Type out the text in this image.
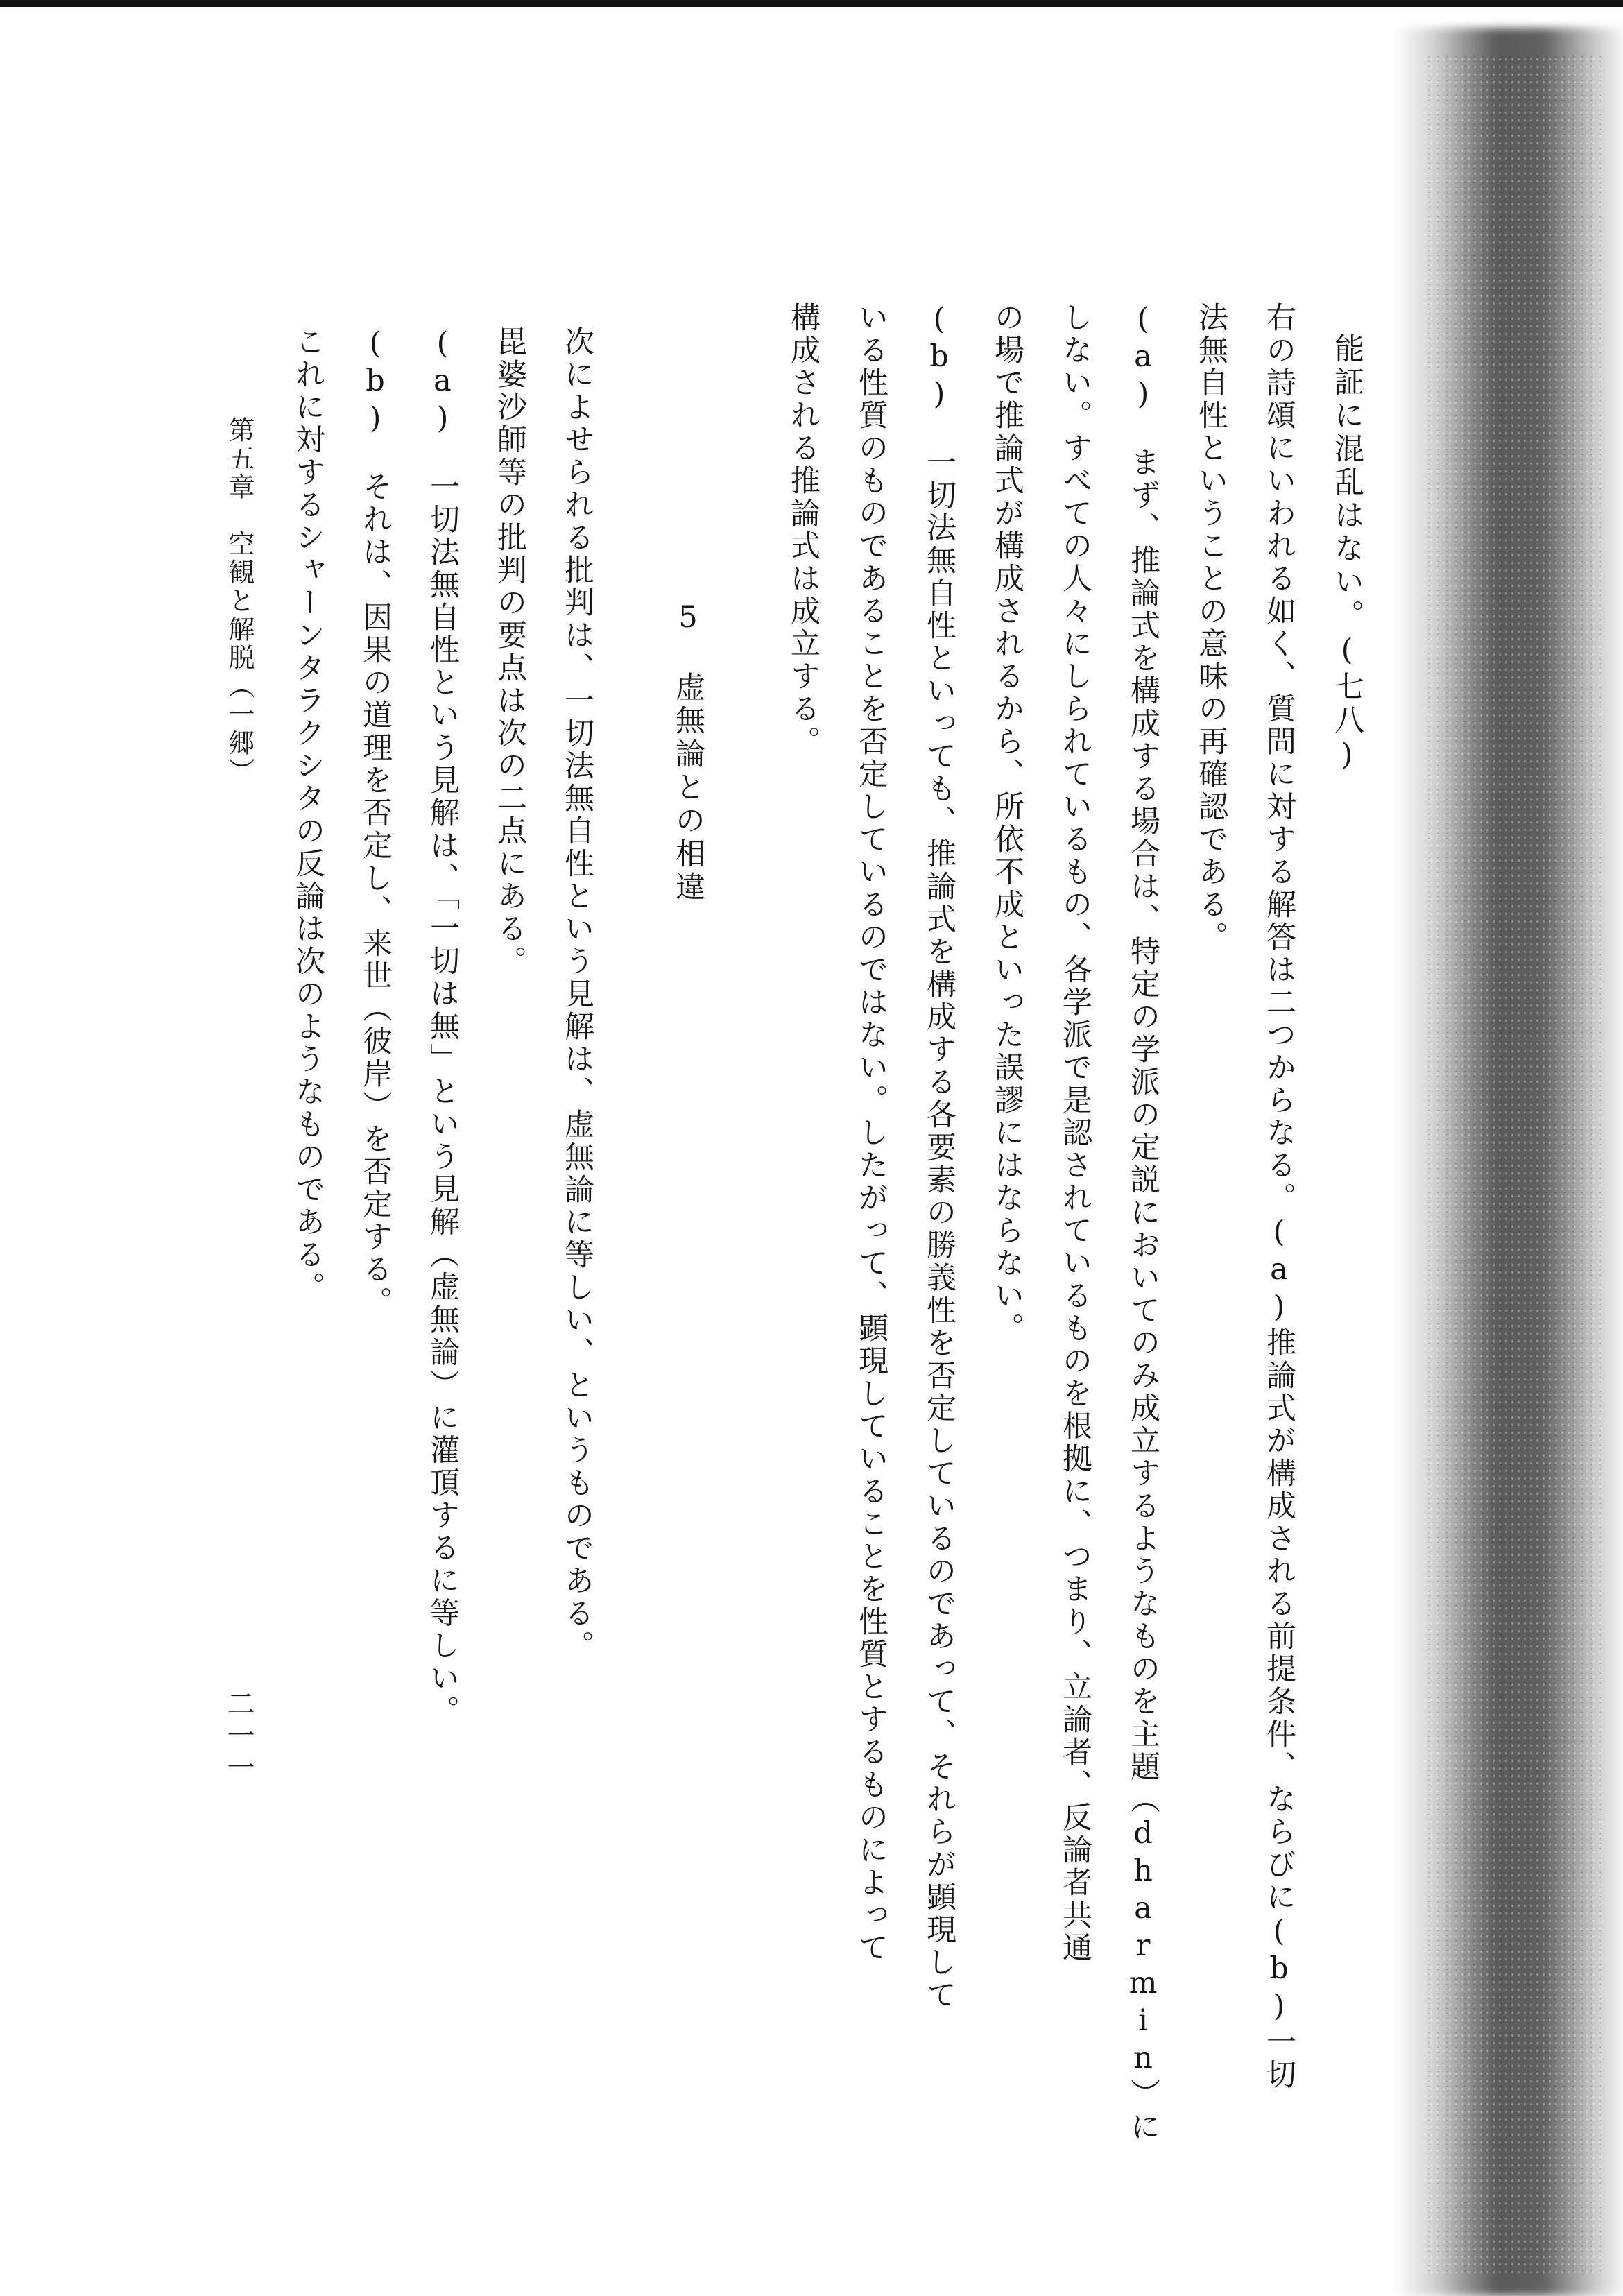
能証に混乱はない。(七八)

右の詩頌にいわれる如く、質問に対する解答は二つからなる。(a)推論式が構成される前提条件、ならびに(b)一切

法無自性ということの意味の再確認である。

(a)　まず、推論式を構成する場合は、特定の学派の定説においてのみ成立するようなものを主題（dharmin）に

しない。すべての人々にしられているもの、各学派で是認されているものを根拠に、つまり、立論者、反論者共通

の場で推論式が構成されるから、所依不成といった誤謬にはならない。

(b)　一切法無自性といっても、推論式を構成する各要素の勝義性を否定しているのであって、それらが顕現して

いる性質のものであることを否定しているのではない。したがって、顕現していることを性質とするものによって

構成される推論式は成立する。

5　虚無論との相違

次によせられる批判は、一切法無自性という見解は、虚無論に等しい、というものである。

毘婆沙師等の批判の要点は次の二点にある。

(a)　一切法無自性という見解は、「一切は無」という見解（虚無論）に灌頂するに等しい。

(b)　それは、因果の道理を否定し、来世（彼岸）を否定する。

これに対するシャーンタラクシタの反論は次のようなものである。

第五章　空観と解脱（一郷）

二一一
